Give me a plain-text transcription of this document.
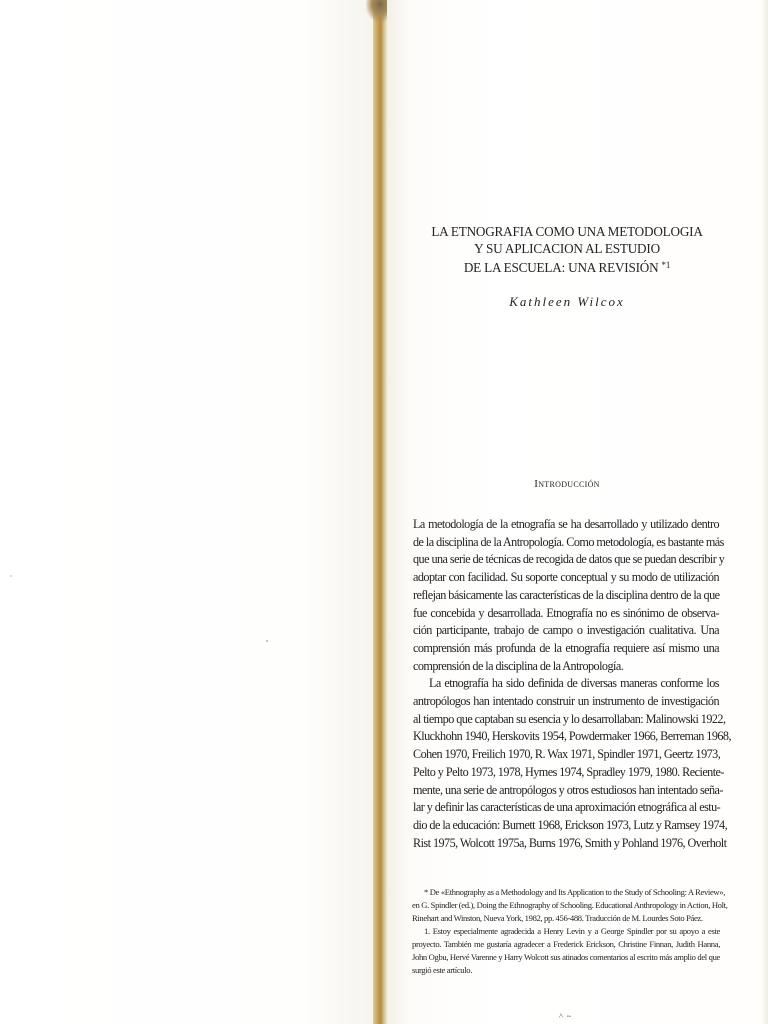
LA ETNOGRAFIA COMO UNA METODOLOGIA
Y SU APLICACION AL ESTUDIO
DE LA ESCUELA: UNA REVISIÓN $^{*1}$
Kathleen Wilcox
Introducción
La metodología de la etnografía se ha desarrollado y utilizado dentro
de la disciplina de la Antropología. Como metodología, es bastante más
que una serie de técnicas de recogida de datos que se puedan describir y
adoptar con facilidad. Su soporte conceptual y su modo de utilización
reflejan básicamente las características de la disciplina dentro de la que
fue concebida y desarrollada. Etnografía no es sinónimo de observa-
ción participante, trabajo de campo o investigación cualitativa. Una
comprensión más profunda de la etnografía requiere así mismo una
comprensión de la disciplina de la Antropología.
La etnografía ha sido definida de diversas maneras conforme los
antropólogos han intentado construir un instrumento de investigación
al tiempo que captaban su esencia y lo desarrollaban: Malinowski 1922,
Kluckhohn 1940, Herskovits 1954, Powdermaker 1966, Berreman 1968,
Cohen 1970, Freilich 1970, R. Wax 1971, Spindler 1971, Geertz 1973,
Pelto y Pelto 1973, 1978, Hymes 1974, Spradley 1979, 1980. Reciente-
mente, una serie de antropólogos y otros estudiosos han intentado seña-
lar y definir las características de una aproximación etnográfica al estu-
dio de la educación: Burnett 1968, Erickson 1973, Lutz y Ramsey 1974,
Rist 1975, Wolcott 1975a, Burns 1976, Smith y Pohland 1976, Overholt
* De «Ethnography as a Methodology and Its Application to the Study of Schooling: A Review»,
en G. Spindler (ed.), Doing the Ethnography of Schooling. Educational Anthropology in Action, Holt,
Rinehart and Winston, Nueva York, 1982, pp. 456-488. Traducción de M. Lourdes Soto Páez.
1. Estoy especialmente agradecida a Henry Levin y a George Spindler por su apoyo a este
proyecto. También me gustaría agradecer a Frederick Erickson, Christine Finnan, Judith Hanna,
John Ogbu, Hervé Varenne y Harry Wolcott sus atinados comentarios al escrito más amplio del que
surgió este artículo.
^ ~
